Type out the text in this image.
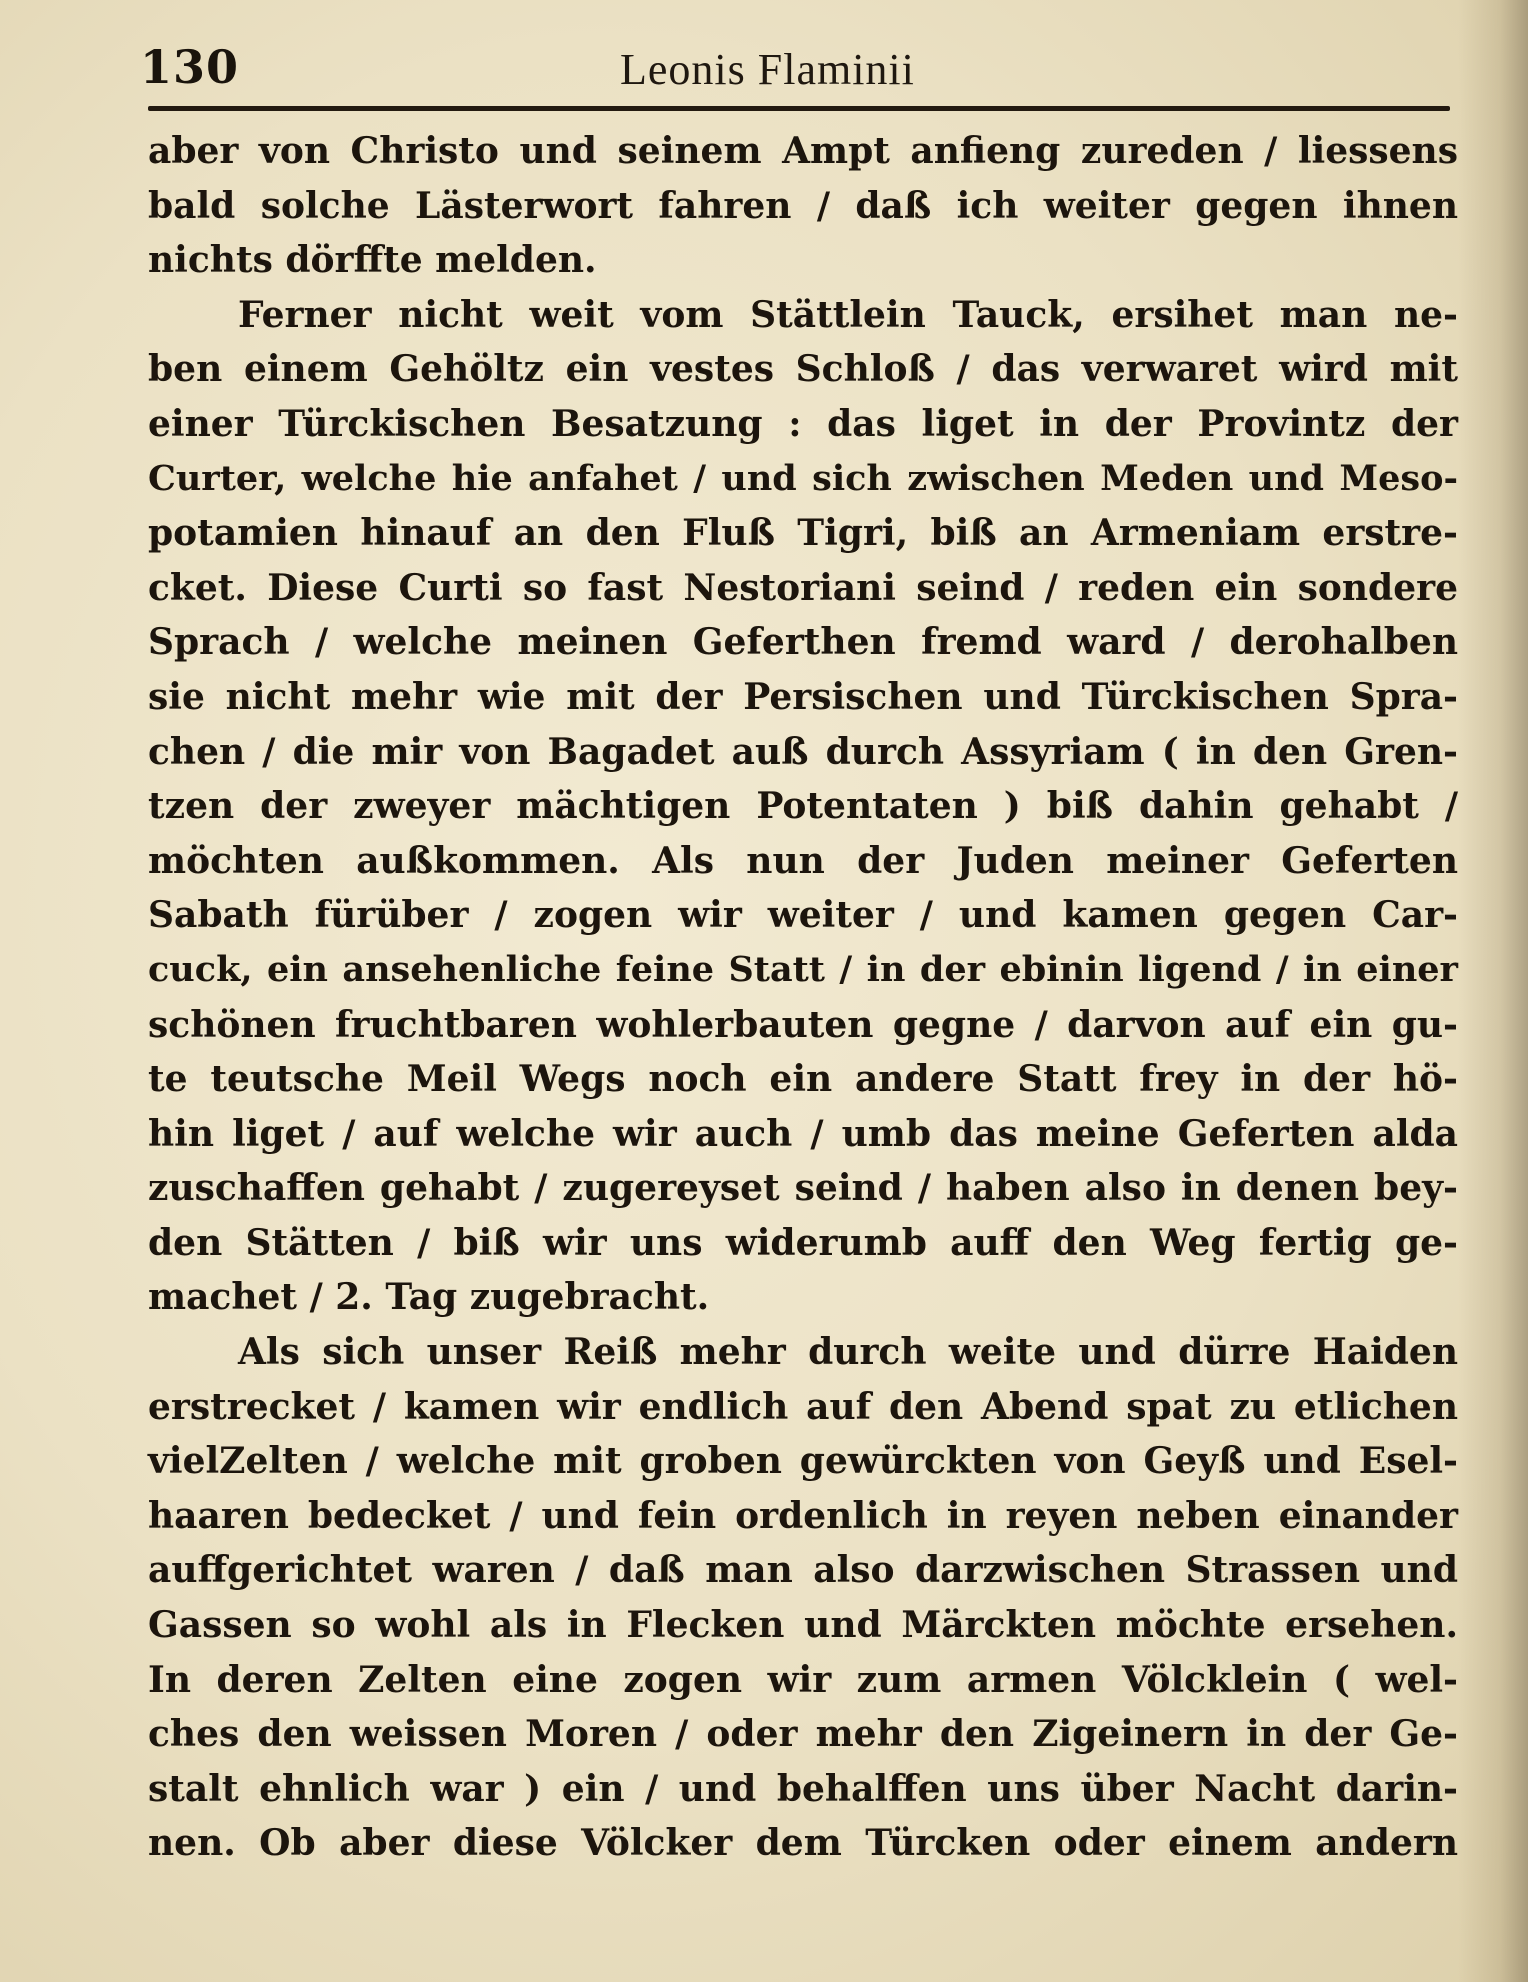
130	Leonis Flaminii
aber von Christo und seinem Ampt anfieng zureden / liessens
bald solche Lästerwort fahren / daß ich weiter gegen ihnen
nichts dörffte melden.
Ferner nicht weit vom Stättlein Tauck, ersihet man ne-
ben einem Gehöltz ein vestes Schloß / das verwaret wird mit
einer Türckischen Besatzung : das liget in der Provintz der
Curter, welche hie anfahet / und sich zwischen Meden und Meso-
potamien hinauf an den Fluß Tigri, biß an Armeniam erstre-
cket. Diese Curti so fast Nestoriani seind / reden ein sondere
Sprach / welche meinen Geferthen fremd ward / derohalben
sie nicht mehr wie mit der Persischen und Türckischen Spra-
chen / die mir von Bagadet auß durch Assyriam ( in den Gren-
tzen der zweyer mächtigen Potentaten ) biß dahin gehabt /
möchten außkommen. Als nun der Juden meiner Geferten
Sabath fürüber / zogen wir weiter / und kamen gegen Car-
cuck, ein ansehenliche feine Statt / in der ebinin ligend / in einer
schönen fruchtbaren wohlerbauten gegne / darvon auf ein gu-
te teutsche Meil Wegs noch ein andere Statt frey in der hö-
hin liget / auf welche wir auch / umb das meine Geferten alda
zuschaffen gehabt / zugereyset seind / haben also in denen bey-
den Stätten / biß wir uns widerumb auff den Weg fertig ge-
machet / 2. Tag zugebracht.
Als sich unser Reiß mehr durch weite und dürre Haiden
erstrecket / kamen wir endlich auf den Abend spat zu etlichen
vielZelten / welche mit groben gewürckten von Geyß und Esel-
haaren bedecket / und fein ordenlich in reyen neben einander
auffgerichtet waren / daß man also darzwischen Strassen und
Gassen so wohl als in Flecken und Märckten möchte ersehen.
In deren Zelten eine zogen wir zum armen Völcklein ( wel-
ches den weissen Moren / oder mehr den Zigeinern in der Ge-
stalt ehnlich war ) ein / und behalffen uns über Nacht darin-
nen. Ob aber diese Völcker dem Türcken oder einem andern
